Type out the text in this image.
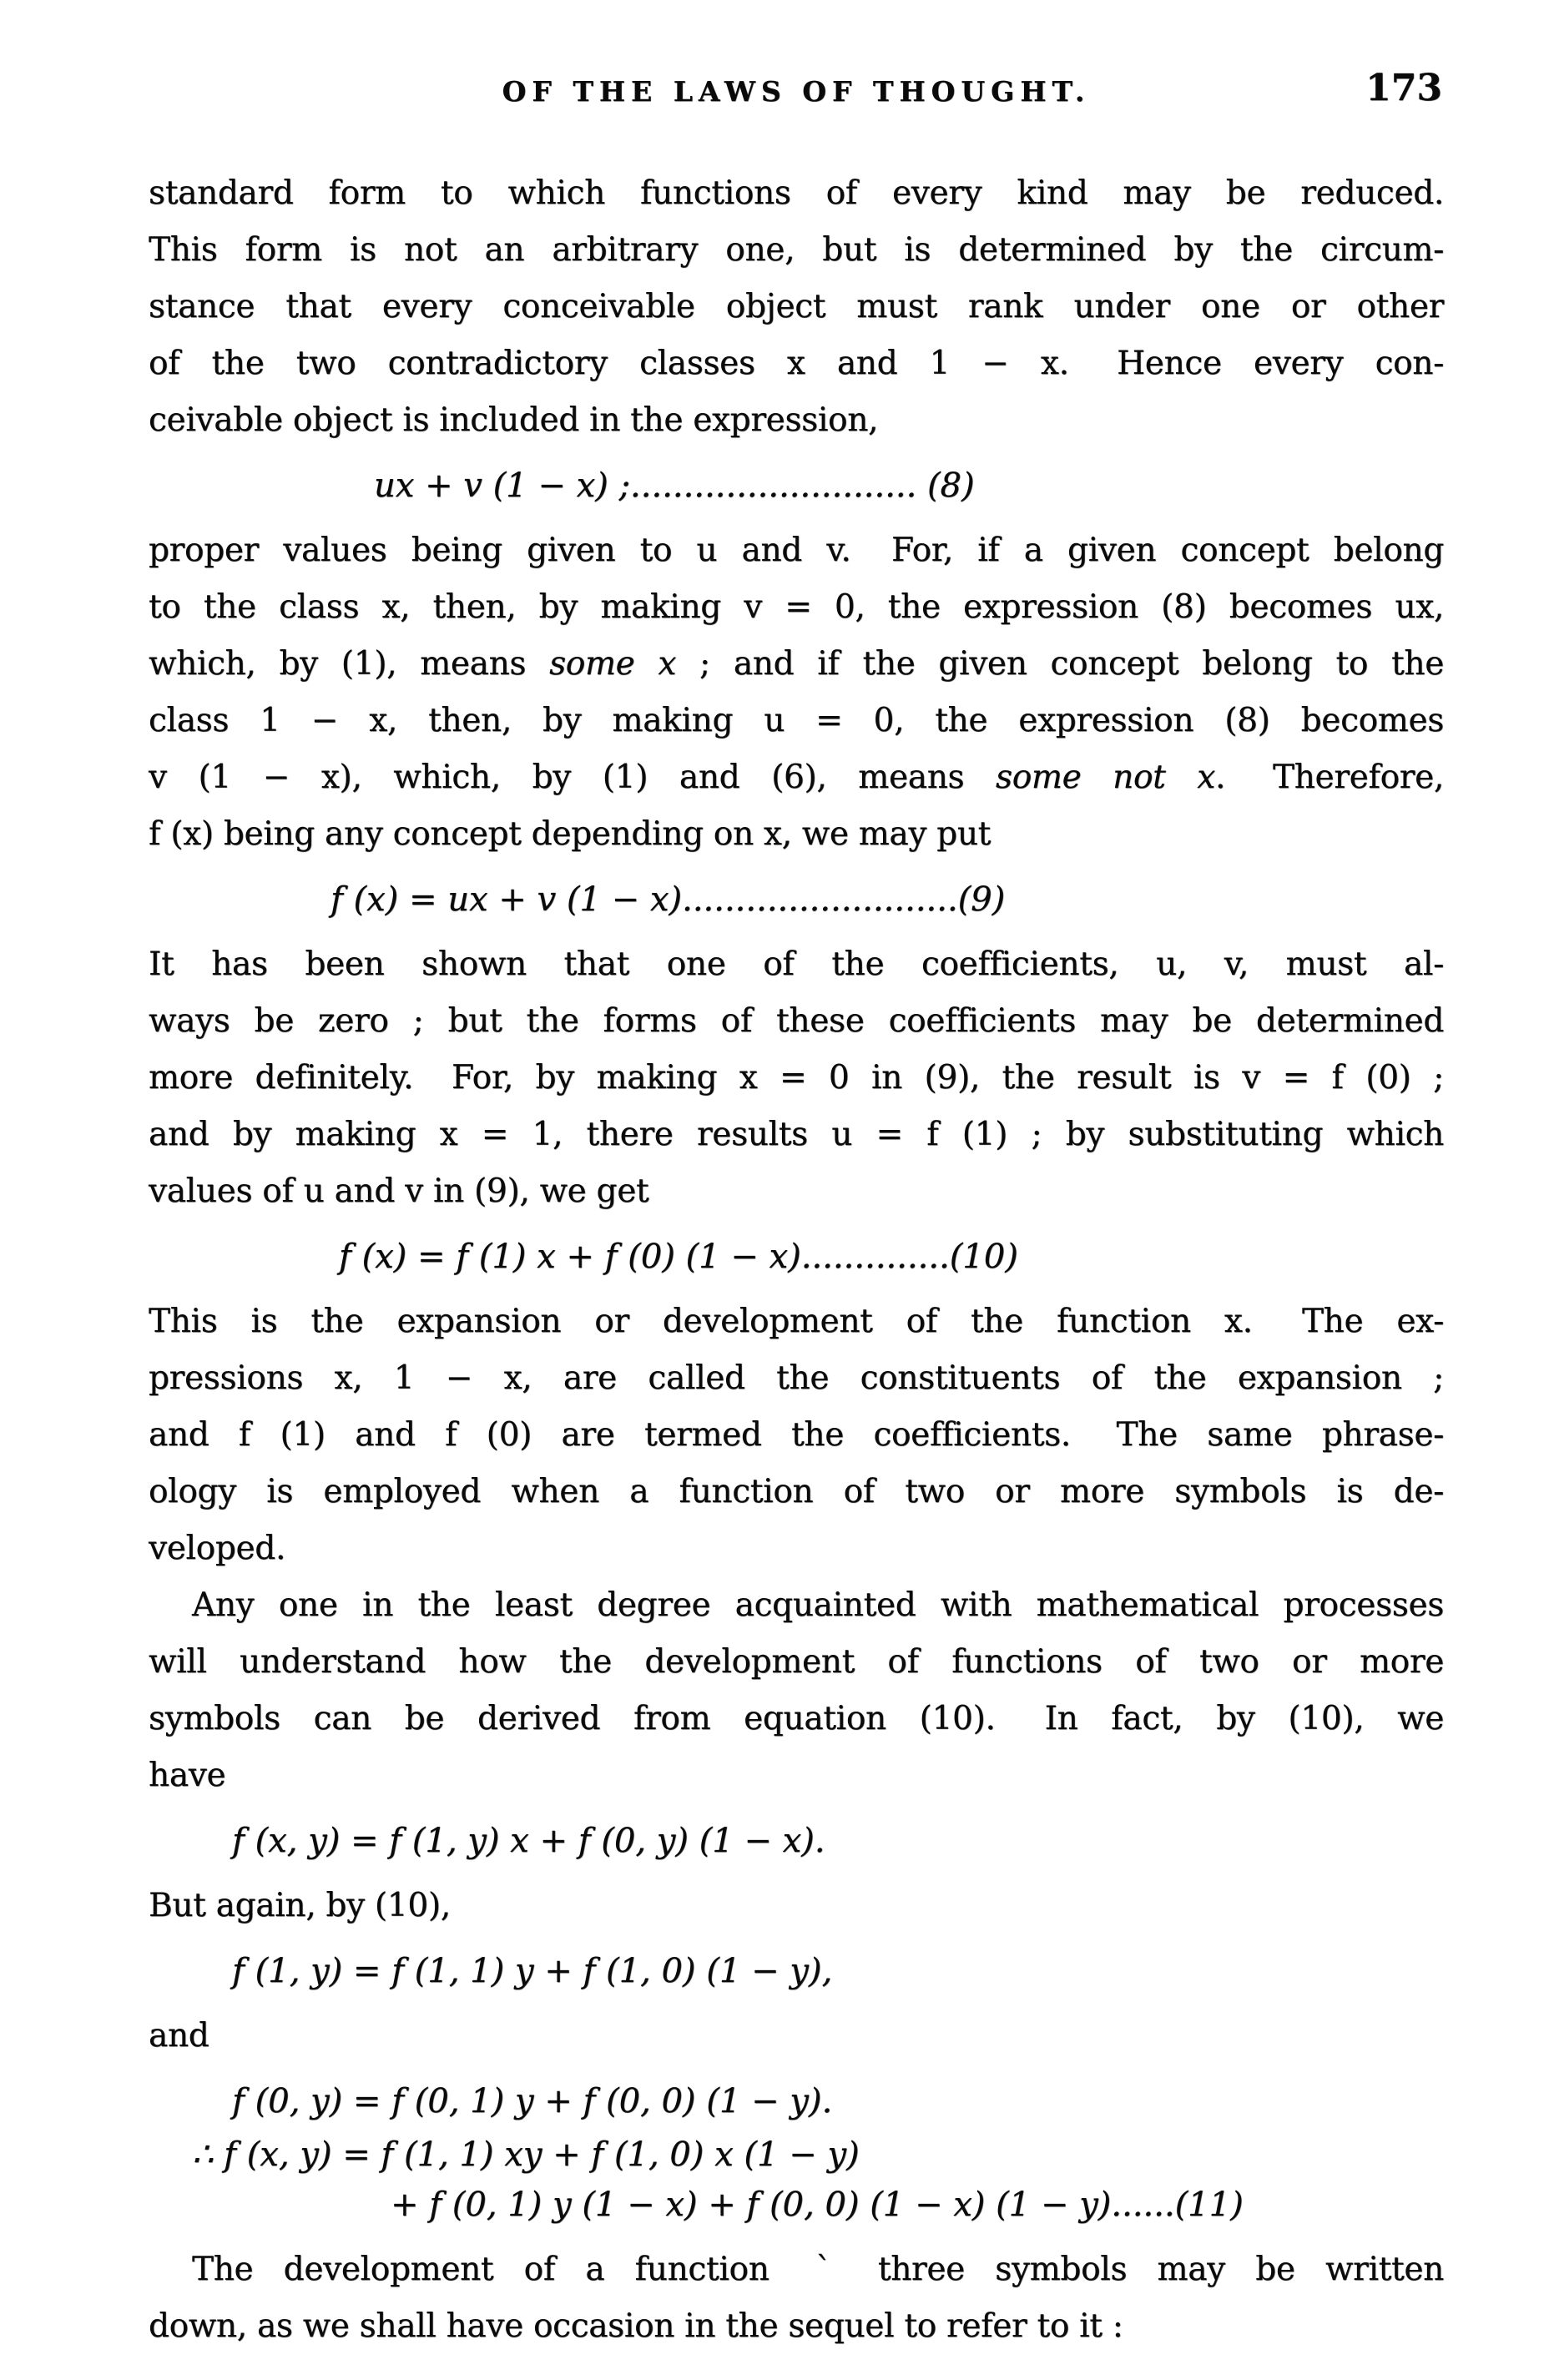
OF THE LAWS OF THOUGHT.	173

standard form to which functions of every kind may be reduced.
This form is not an arbitrary one, but is determined by the circum-
stance that every conceivable object must rank under one or other
of the two contradictory classes x and 1 − x.  Hence every con-
ceivable object is included in the expression,

ux + v (1 − x) ;........................... (8)

proper values being given to u and v.  For, if a given concept belong
to the class x, then, by making v = 0, the expression (8) becomes ux,
which, by (1), means some x ; and if the given concept belong to the
class 1 − x, then, by making u = 0, the expression (8) becomes
v (1 − x), which, by (1) and (6), means some not x.  Therefore,
f (x) being any concept depending on x, we may put

f (x) = ux + v (1 − x)..........................(9)

It has been shown that one of the coefficients, u, v, must al-
ways be zero ; but the forms of these coefficients may be determined
more definitely.  For, by making x = 0 in (9), the result is v = f (0) ;
and by making x = 1, there results u = f (1) ; by substituting which
values of u and v in (9), we get

f (x) = f (1) x + f (0) (1 − x)..............(10)

This is the expansion or development of the function x.  The ex-
pressions x, 1 − x, are called the constituents of the expansion ;
and f (1) and f (0) are termed the coefficients.  The same phrase-
ology is employed when a function of two or more symbols is de-
veloped.

Any one in the least degree acquainted with mathematical processes
will understand how the development of functions of two or more
symbols can be derived from equation (10).  In fact, by (10), we
have

f (x, y) = f (1, y) x + f (0, y) (1 − x).

But again, by (10),

f (1, y) = f (1, 1) y + f (1, 0) (1 − y),

and

f (0, y) = f (0, 1) y + f (0, 0) (1 − y).
∴ f (x, y) = f (1, 1) xy + f (1, 0) x (1 − y)
+ f (0, 1) y (1 − x) + f (0, 0) (1 − x) (1 − y)......(11)

The development of a function  `  three symbols may be written
down, as we shall have occasion in the sequel to refer to it :
